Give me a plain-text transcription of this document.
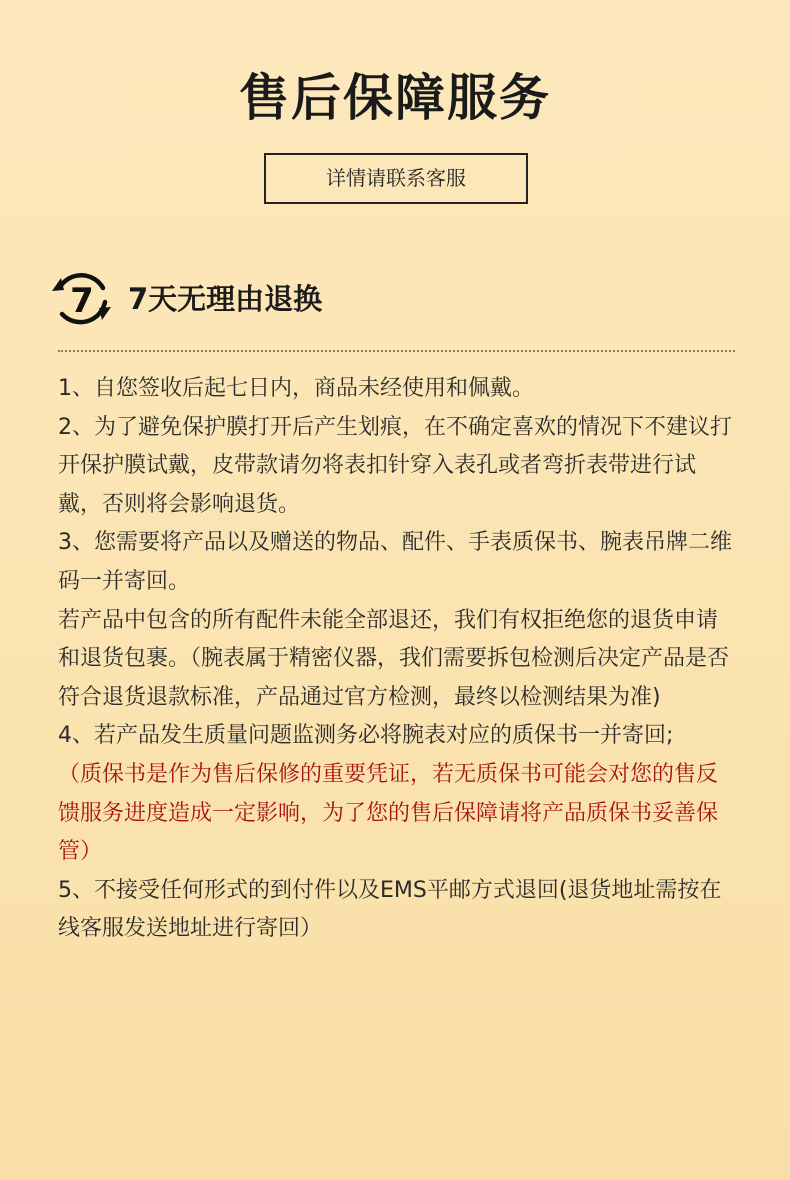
售后保障服务
详情请联系客服
7 7天无理由退换

1、自您签收后起七日内，商品未经使用和佩戴。

2、为了避免保护膜打开后产生划痕，在不确定喜欢的情况下不建议打开保护膜试戴，皮带款请勿将表扣针穿入表孔或者弯折表带进行试戴，否则将会影响退货。

3、您需要将产品以及赠送的物品、配件、手表质保书、腕表吊牌二维码一并寄回。

若产品中包含的所有配件未能全部退还，我们有权拒绝您的退货申请和退货包裹。（腕表属于精密仪器，我们需要拆包检测后决定产品是否符合退货退款标准，产品通过官方检测，最终以检测结果为准)

4、若产品发生质量问题监测务必将腕表对应的质保书一并寄回;

（质保书是作为售后保修的重要凭证，若无质保书可能会对您的售反馈服务进度造成一定影响，为了您的售后保障请将产品质保书妥善保管）

5、不接受任何形式的到付件以及EMS平邮方式退回(退货地址需按在线客服发送地址进行寄回）
